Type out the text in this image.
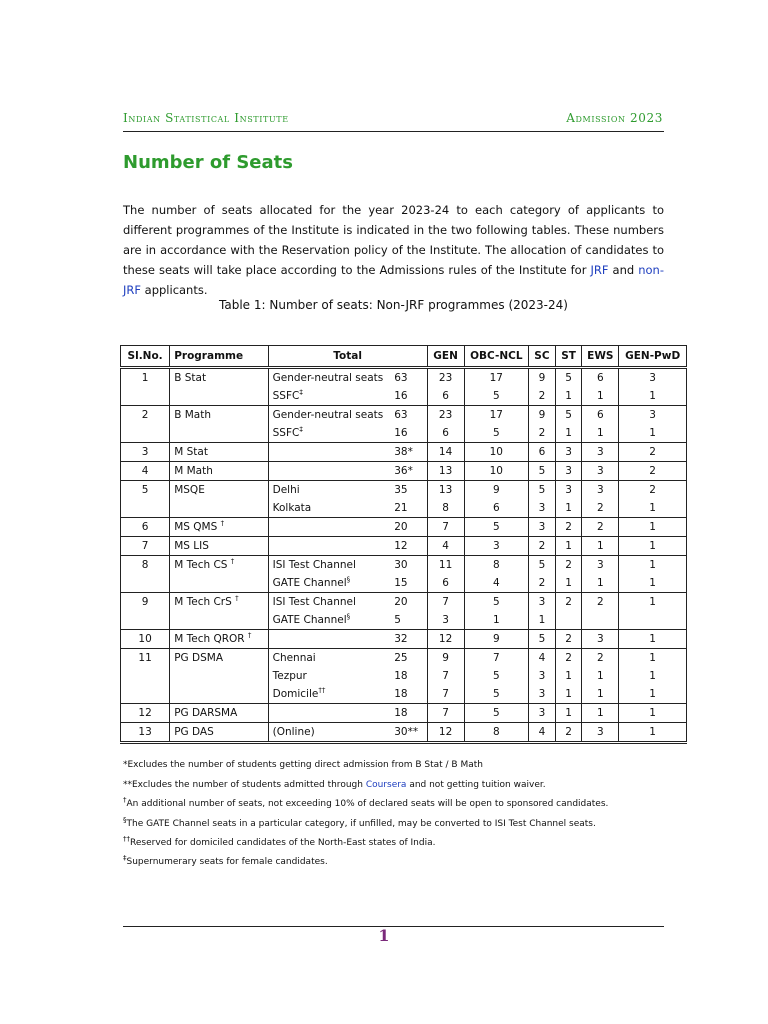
Indian Statistical Institute	Admission 2023
Number of Seats

The number of seats allocated for the year 2023-24 to each category of applicants to different programmes of the Institute is indicated in the two following tables. These numbers are in accordance with the Reservation policy of the Institute. The allocation of candidates to these seats will take place according to the Admissions rules of the Institute for JRF and non-JRF applicants.

Table 1: Number of seats: Non-JRF programmes (2023-24)
Sl.No.	Programme	Total		GEN	OBC-NCL	SC	ST	EWS	GEN-PwD
1	B Stat	Gender-neutral seats	63	23	17	9	5	6	3
		SSFC‡	16	6	5	2	1	1	1
2	B Math	Gender-neutral seats	63	23	17	9	5	6	3
		SSFC‡	16	6	5	2	1	1	1
3	M Stat		38*	14	10	6	3	3	2
4	M Math		36*	13	10	5	3	3	2
5	MSQE	Delhi	35	13	9	5	3	3	2
		Kolkata	21	8	6	3	1	2	1
6	MS QMS †		20	7	5	3	2	2	1
7	MS LIS		12	4	3	2	1	1	1
8	M Tech CS †	ISI Test Channel	30	11	8	5	2	3	1
		GATE Channel§	15	6	4	2	1	1	1
9	M Tech CrS †	ISI Test Channel	20	7	5	3	2	2	1
		GATE Channel§	5	3	1	1			
10	M Tech QROR †		32	12	9	5	2	3	1
11	PG DSMA	Chennai	25	9	7	4	2	2	1
		Tezpur	18	7	5	3	1	1	1
		Domicile††	18	7	5	3	1	1	1
12	PG DARSMA		18	7	5	3	1	1	1
13	PG DAS	(Online)	30**	12	8	4	2	3	1
*Excludes the number of students getting direct admission from B Stat / B Math
**Excludes the number of students admitted through Coursera and not getting tuition waiver.
†An additional number of seats, not exceeding 10% of declared seats will be open to sponsored candidates.
§The GATE Channel seats in a particular category, if unfilled, may be converted to ISI Test Channel seats.
††Reserved for domiciled candidates of the North-East states of India.
‡Supernumerary seats for female candidates.
1
